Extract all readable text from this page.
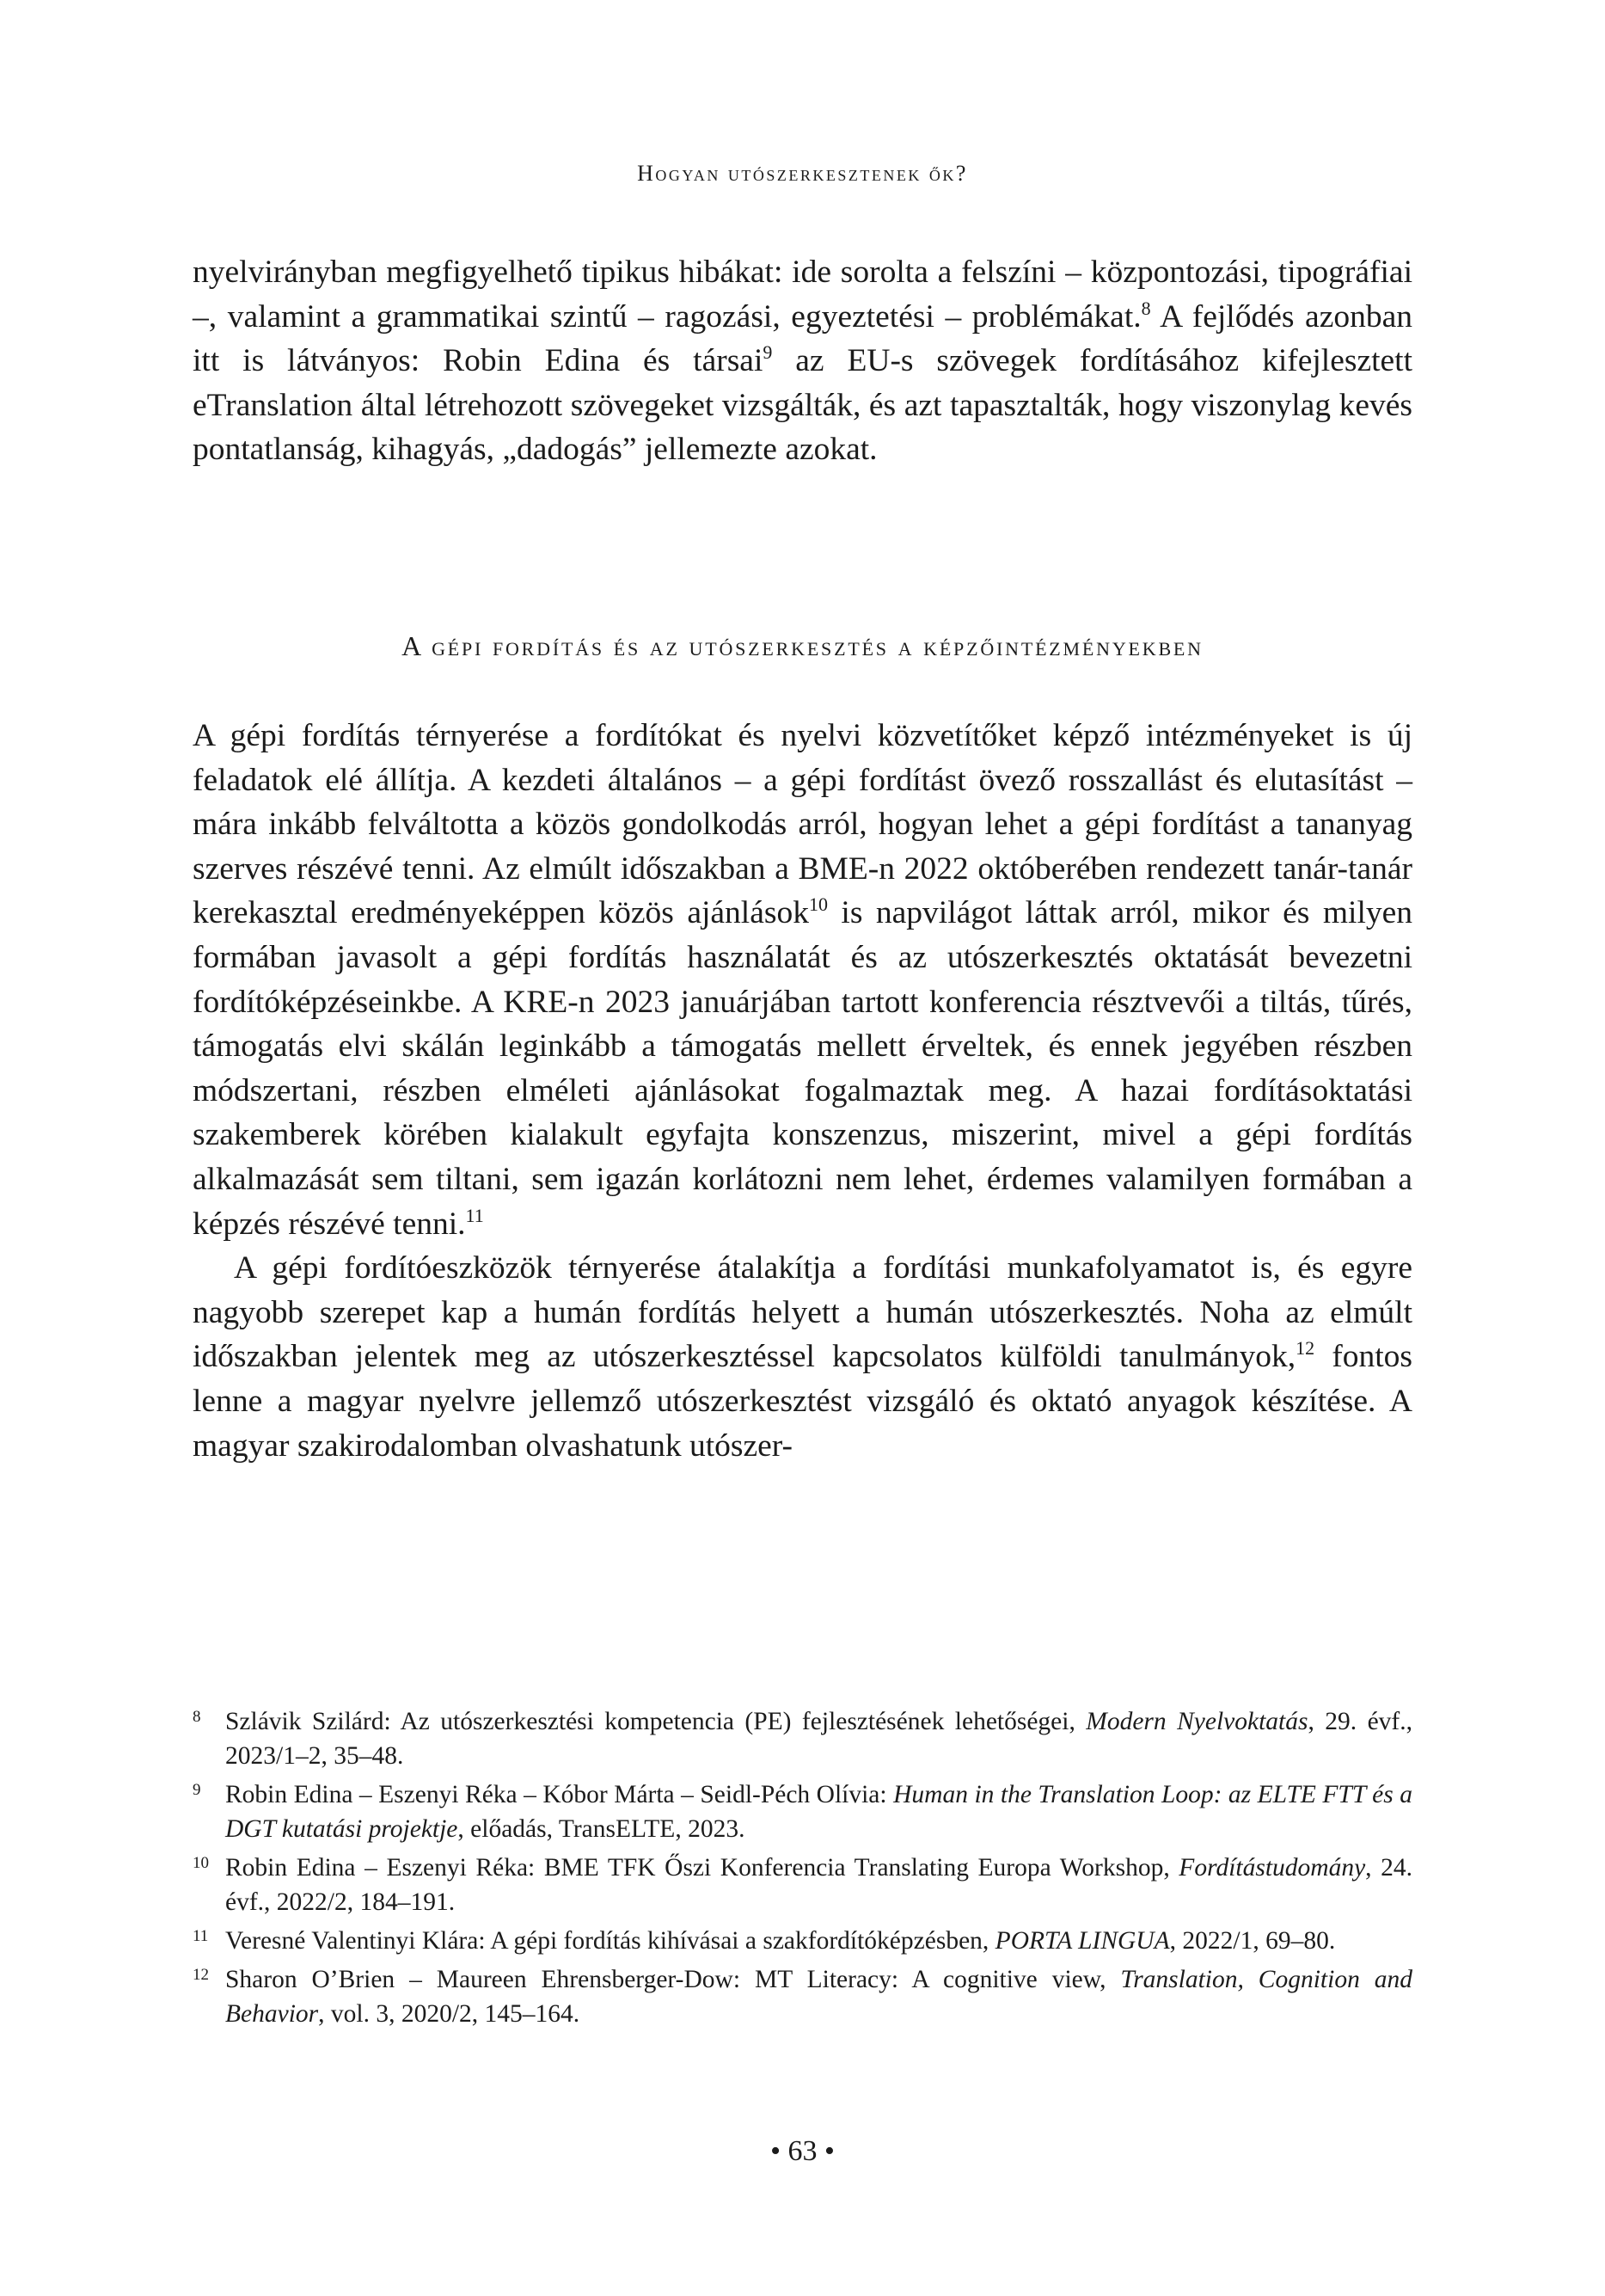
Hogyan utószerkesztenek ők?

nyelvirányban megfigyelhető tipikus hibákat: ide sorolta a felszíni – központozási, tipográfiai –, valamint a grammatikai szintű – ragozási, egyeztetési – problémákat.$^8$ A fejlődés azonban itt is látványos: Robin Edina és társai$^9$ az EU-s szövegek fordításához kifejlesztett eTranslation által létrehozott szövegeket vizsgálták, és azt tapasztalták, hogy viszonylag kevés pontatlanság, kihagyás, „dadogás” jellemezte azokat.

A gépi fordítás és az utószerkesztés a képzőintézményekben

A gépi fordítás térnyerése a fordítókat és nyelvi közvetítőket képző intézményeket is új feladatok elé állítja. A kezdeti általános – a gépi fordítást övező rosszallást és elutasítást – mára inkább felváltotta a közös gondolkodás arról, hogyan lehet a gépi fordítást a tananyag szerves részévé tenni. Az elmúlt időszakban a BME-n 2022 októberében rendezett tanár-tanár kerekasztal eredményeképpen közös ajánlások$^{10}$ is napvilágot láttak arról, mikor és milyen formában javasolt a gépi fordítás használatát és az utószerkesztés oktatását bevezetni fordítóképzéseinkbe. A KRE-n 2023 januárjában tartott konferencia résztvevői a tiltás, tűrés, támogatás elvi skálán leginkább a támogatás mellett érveltek, és ennek jegyében részben módszertani, részben elméleti ajánlásokat fogalmaztak meg. A hazai fordításoktatási szakemberek körében kialakult egyfajta konszenzus, miszerint, mivel a gépi fordítás alkalmazását sem tiltani, sem igazán korlátozni nem lehet, érdemes valamilyen formában a képzés részévé tenni.$^{11}$

A gépi fordítóeszközök térnyerése átalakítja a fordítási munkafolyamatot is, és egyre nagyobb szerepet kap a humán fordítás helyett a humán utószerkesztés. Noha az elmúlt időszakban jelentek meg az utószerkesztéssel kapcsolatos külföldi tanulmányok,$^{12}$ fontos lenne a magyar nyelvre jellemző utószerkesztést vizsgáló és oktató anyagok készítése. A magyar szakirodalomban olvashatunk utószer-

8 Szlávik Szilárd: Az utószerkesztési kompetencia (PE) fejlesztésének lehetőségei, Modern Nyelvoktatás, 29. évf., 2023/1–2, 35–48.
9 Robin Edina – Eszenyi Réka – Kóbor Márta – Seidl-Péch Olívia: Human in the Translation Loop: az ELTE FTT és a DGT kutatási projektje, előadás, TransELTE, 2023.
10 Robin Edina – Eszenyi Réka: BME TFK Őszi Konferencia Translating Europa Workshop, Fordítástudomány, 24. évf., 2022/2, 184–191.
11 Veresné Valentinyi Klára: A gépi fordítás kihívásai a szakfordítóképzésben, PORTA LINGUA, 2022/1, 69–80.
12 Sharon O’Brien – Maureen Ehrensberger-Dow: MT Literacy: A cognitive view, Translation, Cognition and Behavior, vol. 3, 2020/2, 145–164.
• 63 •
